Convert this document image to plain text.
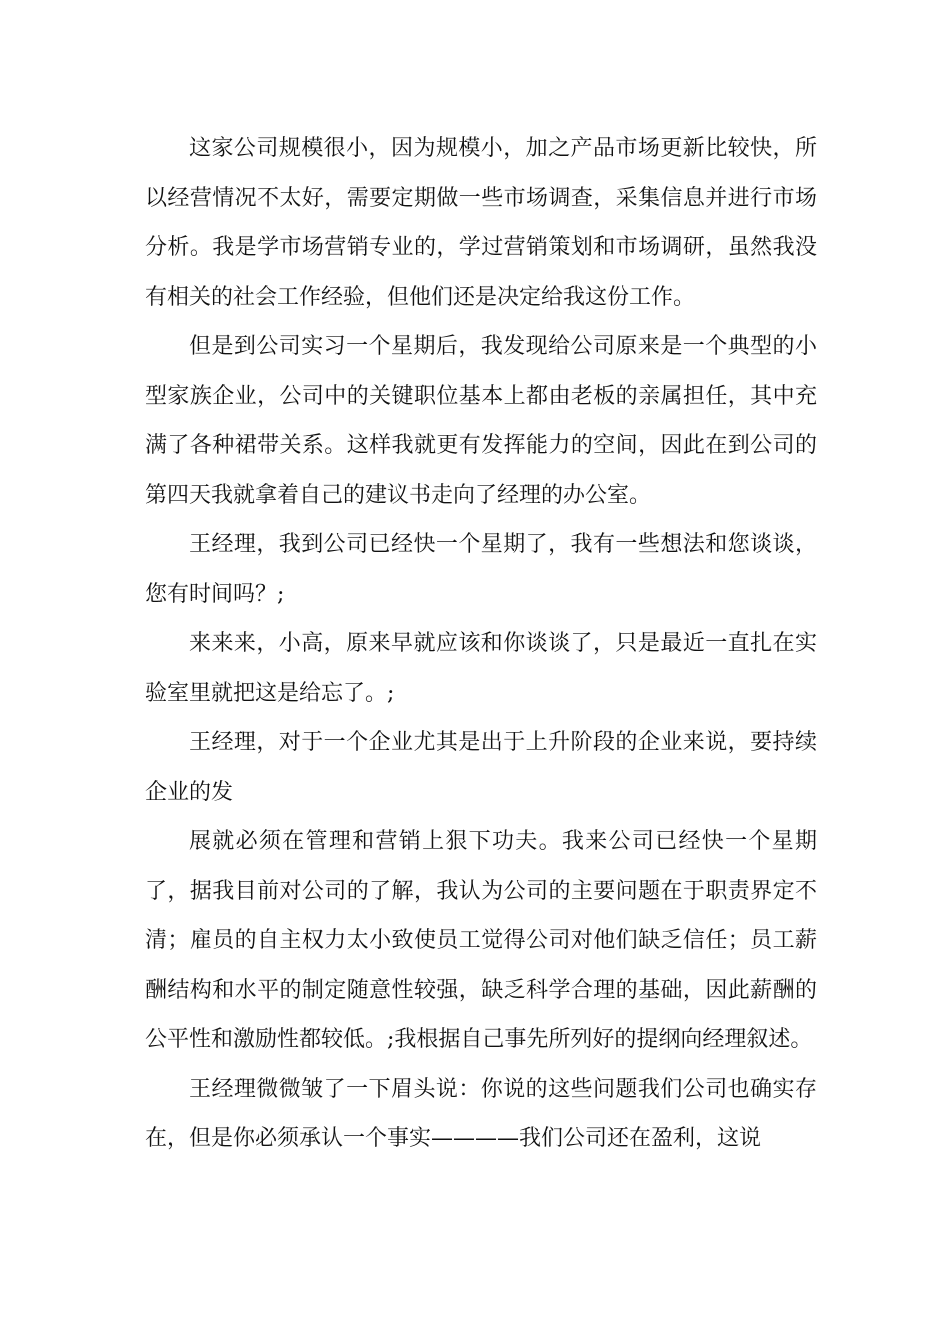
这家公司规模很小，因为规模小，加之产品市场更新比较快，所以经营情况不太好，需要定期做一些市场调查，采集信息并进行市场分析。我是学市场营销专业的，学过营销策划和市场调研，虽然我没有相关的社会工作经验，但他们还是决定给我这份工作。

但是到公司实习一个星期后，我发现给公司原来是一个典型的小型家族企业，公司中的关键职位基本上都由老板的亲属担任，其中充满了各种裙带关系。这样我就更有发挥能力的空间，因此在到公司的第四天我就拿着自己的建议书走向了经理的办公室。

王经理，我到公司已经快一个星期了，我有一些想法和您谈谈，您有时间吗？;

来来来，小高，原来早就应该和你谈谈了，只是最近一直扎在实验室里就把这是给忘了。;

王经理，对于一个企业尤其是出于上升阶段的企业来说，要持续企业的发

展就必须在管理和营销上狠下功夫。我来公司已经快一个星期了，据我目前对公司的了解，我认为公司的主要问题在于职责界定不清；雇员的自主权力太小致使员工觉得公司对他们缺乏信任；员工薪酬结构和水平的制定随意性较强，缺乏科学合理的基础，因此薪酬的公平性和激励性都较低。;我根据自己事先所列好的提纲向经理叙述。

王经理微微皱了一下眉头说：你说的这些问题我们公司也确实存在，但是你必须承认一个事实————我们公司还在盈利，这说
